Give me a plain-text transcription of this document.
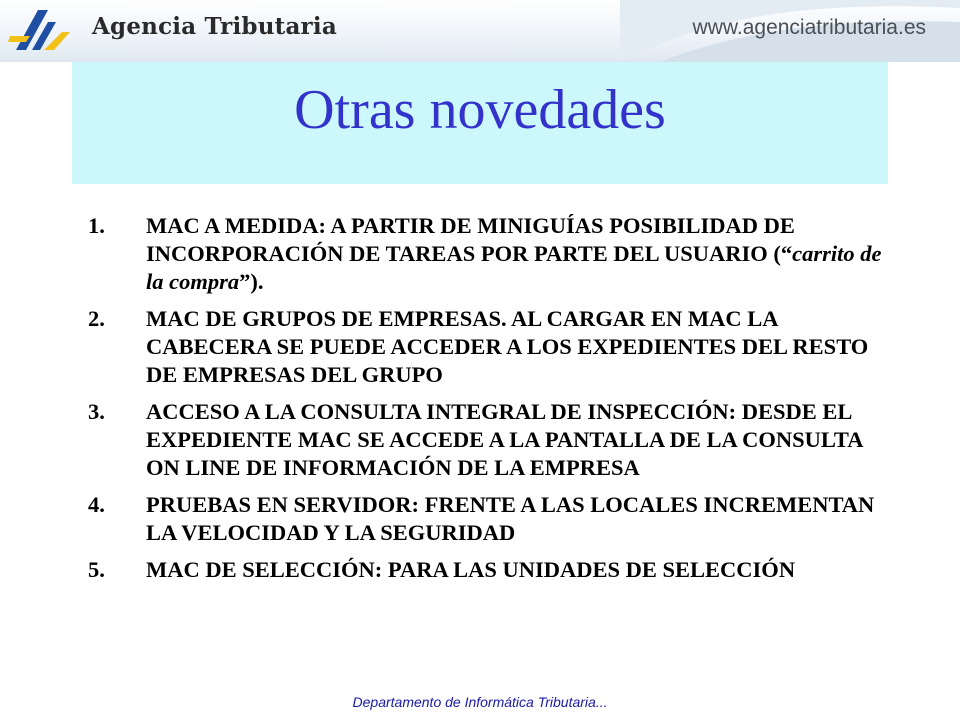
Agencia Tributaria	www.agenciatributaria.es
Otras novedades
1. MAC A MEDIDA: A PARTIR DE MINIGUÍAS POSIBILIDAD DE INCORPORACIÓN DE TAREAS POR PARTE DEL USUARIO (“carrito de la compra”).
2. MAC DE GRUPOS DE EMPRESAS. AL CARGAR EN MAC LA CABECERA SE PUEDE ACCEDER A LOS EXPEDIENTES DEL RESTO DE EMPRESAS DEL GRUPO
3. ACCESO A LA CONSULTA INTEGRAL DE INSPECCIÓN: DESDE EL EXPEDIENTE MAC SE ACCEDE A LA PANTALLA DE LA CONSULTA ON LINE DE INFORMACIÓN DE LA EMPRESA
4. PRUEBAS EN SERVIDOR: FRENTE A LAS LOCALES INCREMENTAN LA VELOCIDAD Y LA SEGURIDAD
5. MAC DE SELECCIÓN: PARA LAS UNIDADES DE SELECCIÓN
Departamento de Informática Tributaria...
